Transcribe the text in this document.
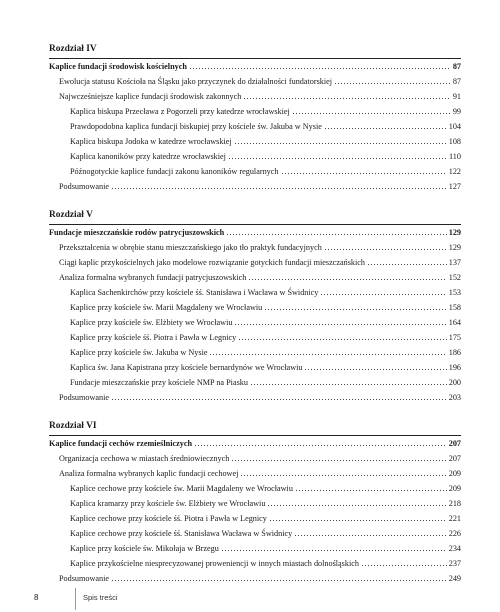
Rozdział IV
Kaplice fundacji środowisk kościelnych	87
Ewolucja statusu Kościoła na Śląsku jako przyczynek do działalności fundatorskiej	87
Najwcześniejsze kaplice fundacji środowisk zakonnych	91
Kaplica biskupa Przecława z Pogorzeli przy katedrze wrocławskiej	99
Prawdopodobna kaplica fundacji biskupiej przy kościele św. Jakuba w Nysie	104
Kaplica biskupa Jodoka w katedrze wrocławskiej	108
Kaplica kanoników przy katedrze wrocławskiej	110
Późnogotyckie kaplice fundacji zakonu kanoników regularnych	122
Podsumowanie	127
Rozdział V
Fundacje mieszczańskie rodów patrycjuszowskich	129
Przekształcenia w obrębie stanu mieszczańskiego jako tło praktyk fundacyjnych	129
Ciągi kaplic przykościelnych jako modelowe rozwiązanie gotyckich fundacji mieszczańskich	137
Analiza formalna wybranych fundacji patrycjuszowskich	152
Kaplica Sachenkirchów przy kościele śś. Stanisława i Wacława w Świdnicy	153
Kaplice przy kościele św. Marii Magdaleny we Wrocławiu	158
Kaplice przy kościele św. Elżbiety we Wrocławiu	164
Kaplice przy kościele śś. Piotra i Pawła w Legnicy	175
Kaplice przy kościele św. Jakuba w Nysie	186
Kaplica św. Jana Kapistrana przy kościele bernardynów we Wrocławiu	196
Fundacje mieszczańskie przy kościele NMP na Piasku	200
Podsumowanie	203
Rozdział VI
Kaplice fundacji cechów rzemieślniczych	207
Organizacja cechowa w miastach średniowiecznych	207
Analiza formalna wybranych kaplic fundacji cechowej	209
Kaplice cechowe przy kościele św. Marii Magdaleny we Wrocławiu	209
Kaplica kramarzy przy kościele św. Elżbiety we Wrocławiu	218
Kaplice cechowe przy kościele śś. Piotra i Pawła w Legnicy	221
Kaplice cechowe przy kościele śś. Stanisława Wacława w Świdnicy	226
Kaplice przy kościele św. Mikołaja w Brzegu	234
Kaplice przykościelne niesprecyzowanej proweniencji w innych miastach dolnośląskich	237
Podsumowanie	249
8	Spis treści
